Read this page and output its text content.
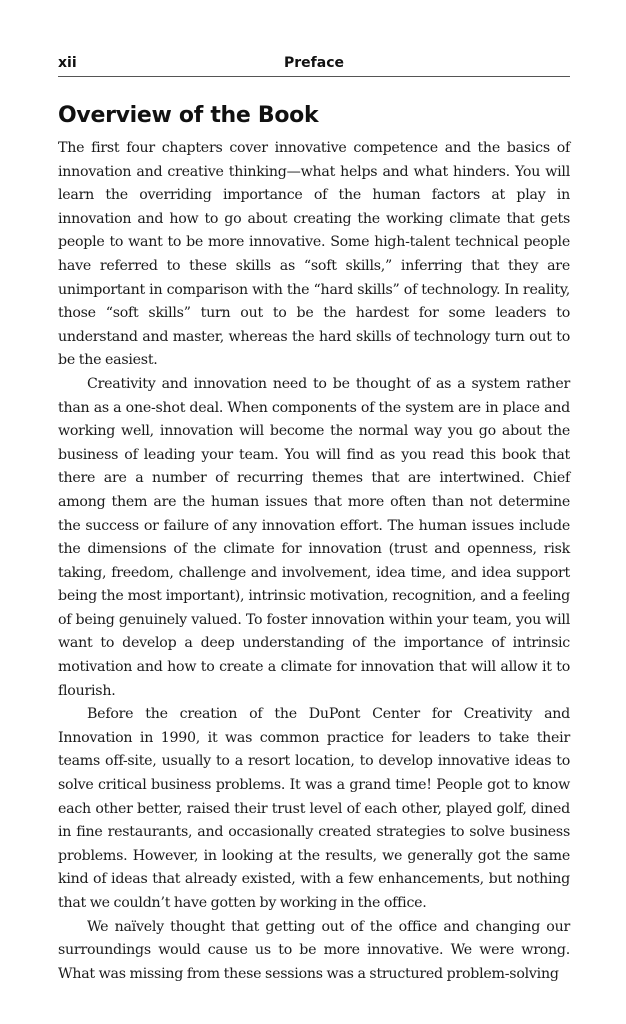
xii	Preface
Overview of the Book

The first four chapters cover innovative competence and the basics of innovation and creative thinking—what helps and what hinders. You will learn the overriding importance of the human factors at play in innovation and how to go about creating the working climate that gets people to want to be more innovative. Some high-talent technical people have referred to these skills as “soft skills,” inferring that they are unimportant in comparison with the “hard skills” of technology. In reality, those “soft skills” turn out to be the hardest for some leaders to understand and master, whereas the hard skills of technology turn out to be the easiest.

Creativity and innovation need to be thought of as a system rather than as a one-shot deal. When components of the system are in place and working well, innovation will become the normal way you go about the business of leading your team. You will find as you read this book that there are a number of recurring themes that are intertwined. Chief among them are the human issues that more often than not determine the success or failure of any innovation effort. The human issues include the dimensions of the climate for innovation (trust and openness, risk taking, freedom, challenge and involvement, idea time, and idea support being the most important), intrinsic motivation, recognition, and a feeling of being genuinely valued. To foster innovation within your team, you will want to develop a deep understanding of the importance of intrinsic motivation and how to create a climate for innovation that will allow it to flourish.

Before the creation of the DuPont Center for Creativity and Innovation in 1990, it was common practice for leaders to take their teams off-site, usually to a resort location, to develop innovative ideas to solve critical business problems. It was a grand time! People got to know each other better, raised their trust level of each other, played golf, dined in fine restaurants, and occasionally created strategies to solve business problems. However, in looking at the results, we generally got the same kind of ideas that already existed, with a few enhancements, but nothing that we couldn’t have gotten by working in the office.

We naïvely thought that getting out of the office and changing our surroundings would cause us to be more innovative. We were wrong. What was missing from these sessions was a structured problem-solving
